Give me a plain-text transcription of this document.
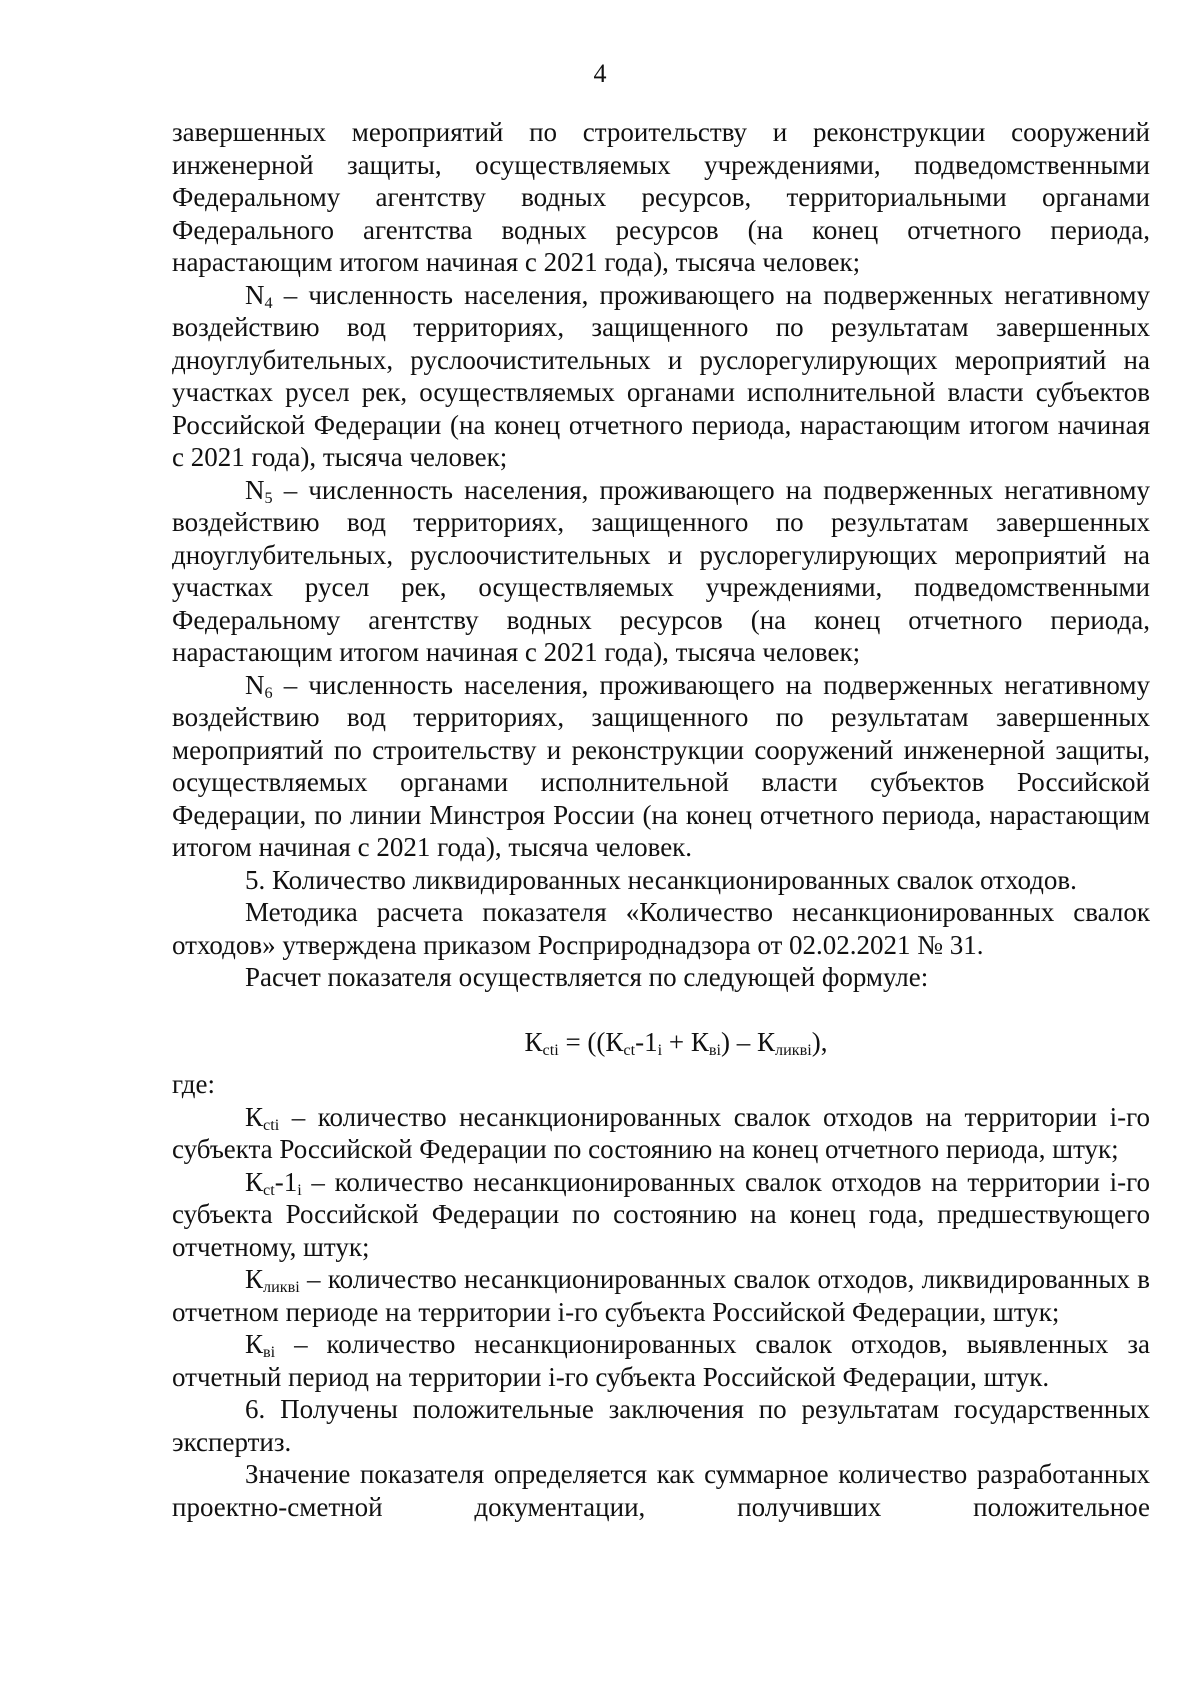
4

завершенных мероприятий по строительству и реконструкции сооружений инженерной защиты, осуществляемых учреждениями, подведомственными Федеральному агентству водных ресурсов, территориальными органами Федерального агентства водных ресурсов (на конец отчетного периода, нарастающим итогом начиная с 2021 года), тысяча человек;

$N_4$ – численность населения, проживающего на подверженных негативному воздействию вод территориях, защищенного по результатам завершенных дноуглубительных, руслоочистительных и руслорегулирующих мероприятий на участках русел рек, осуществляемых органами исполнительной власти субъектов Российской Федерации (на конец отчетного периода, нарастающим итогом начиная с 2021 года), тысяча человек;

$N_5$ – численность населения, проживающего на подверженных негативному воздействию вод территориях, защищенного по результатам завершенных дноуглубительных, руслоочистительных и руслорегулирующих мероприятий на участках русел рек, осуществляемых учреждениями, подведомственными Федеральному агентству водных ресурсов (на конец отчетного периода, нарастающим итогом начиная с 2021 года), тысяча человек;

$N_6$ – численность населения, проживающего на подверженных негативному воздействию вод территориях, защищенного по результатам завершенных мероприятий по строительству и реконструкции сооружений инженерной защиты, осуществляемых органами исполнительной власти субъектов Российской Федерации, по линии Минстроя России (на конец отчетного периода, нарастающим итогом начиная с 2021 года), тысяча человек.

5. Количество ликвидированных несанкционированных свалок отходов.

Методика расчета показателя «Количество несанкционированных свалок отходов» утверждена приказом Росприроднадзора от 02.02.2021 № 31.

Расчет показателя осуществляется по следующей формуле:

$К_{cti} = ((К_{ct}-1_i + К_{вi}) - К_{ликвi})$,

где:

$К_{cti}$ – количество несанкционированных свалок отходов на территории i-го субъекта Российской Федерации по состоянию на конец отчетного периода, штук;

$К_{ct}-1_i$ – количество несанкционированных свалок отходов на территории i-го субъекта Российской Федерации по состоянию на конец года, предшествующего отчетному, штук;

$К_{ликвi}$ – количество несанкционированных свалок отходов, ликвидированных в отчетном периоде на территории i-го субъекта Российской Федерации, штук;

$К_{вi}$ – количество несанкционированных свалок отходов, выявленных за отчетный период на территории i-го субъекта Российской Федерации, штук.

6. Получены положительные заключения по результатам государственных экспертиз.

Значение показателя определяется как суммарное количество разработанных проектно-сметной документации, получивших положительное
